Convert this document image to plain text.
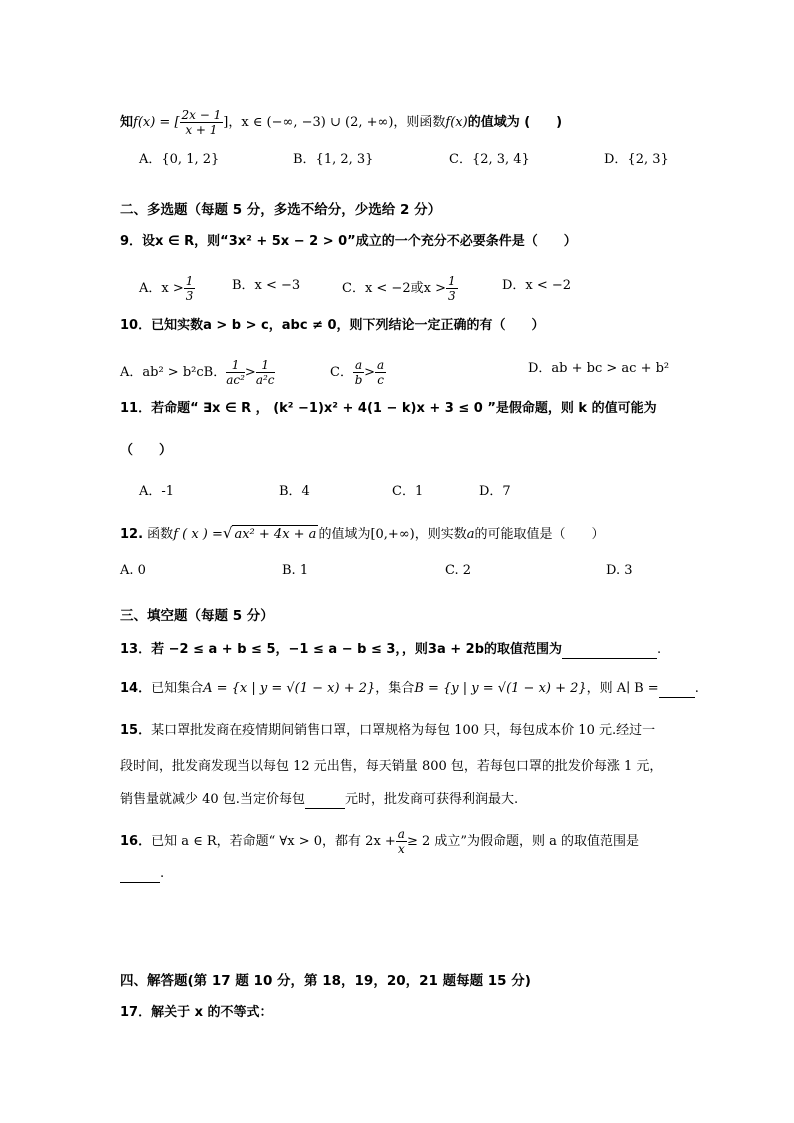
知f(x) = [ $\frac{2x - 1}{x + 1}$ ]，x ∈ (−∞, −3) ∪ (2, +∞)，则函数f(x)的值域为 (　　)
A．{0, 1, 2}	B．{1, 2, 3}	C．{2, 3, 4}	D．{2, 3}
二、多选题（每题 5 分，多选不给分，少选给 2 分）
9．设x ∈ R，则“3x² + 5x − 2 > 0”成立的一个充分不必要条件是（　　）
A．$x > \frac{1}{3}$	B．x < −3	C．x < −2或$x > \frac{1}{3}$	D．x < −2
10．已知实数a > b > c，abc ≠ 0，则下列结论一定正确的有（　　）
A．ab² > b²cB． $\frac{1}{\text{ac²}} > \frac{1}{\text{a²c}}$	C． $\frac{a}{b} > \frac{a}{c}$	D．ab + bc > ac + b²
11．若命题“ ∃x ∈ R ， (k² −1)x² + 4(1 − k)x + 3 ≤ 0 ”是假命题，则 k 的值可能为
（　　）
A．-1	B．4	C．1	D．7
12. 函数f ( x ) =√ ax² + 4x + a 的值域为[0,+∞)，则实数a的可能取值是（　　）
A. 0	B. 1	C. 2	D. 3
三、填空题（每题 5 分）
13．若 −2 ≤ a + b ≤ 5，−1 ≤ a − b ≤ 3，，则3a + 2b的取值范围为	.
14．已知集合A = {x | y = √(1 − x) + 2}，集合B = {y | y = √(1 − x) + 2}，则 A∣ B =	.
15．某口罩批发商在疫情期间销售口罩，口罩规格为每包 100 只，每包成本价 10 元.经过一
段时间，批发商发现当以每包 12 元出售，每天销量 800 包，若每包口罩的批发价每涨 1 元，
销售量就减少 40 包.当定价每包	元时，批发商可获得利润最大.
16．已知 a ∈ R，若命题“ ∀x > 0，都有 $2x + \frac{a}{x} \ge 2$ 成立”为假命题，则 a 的取值范围是
.
四、解答题(第 17 题 10 分，第 18，19，20，21 题每题 15 分)
17．解关于 x 的不等式：
